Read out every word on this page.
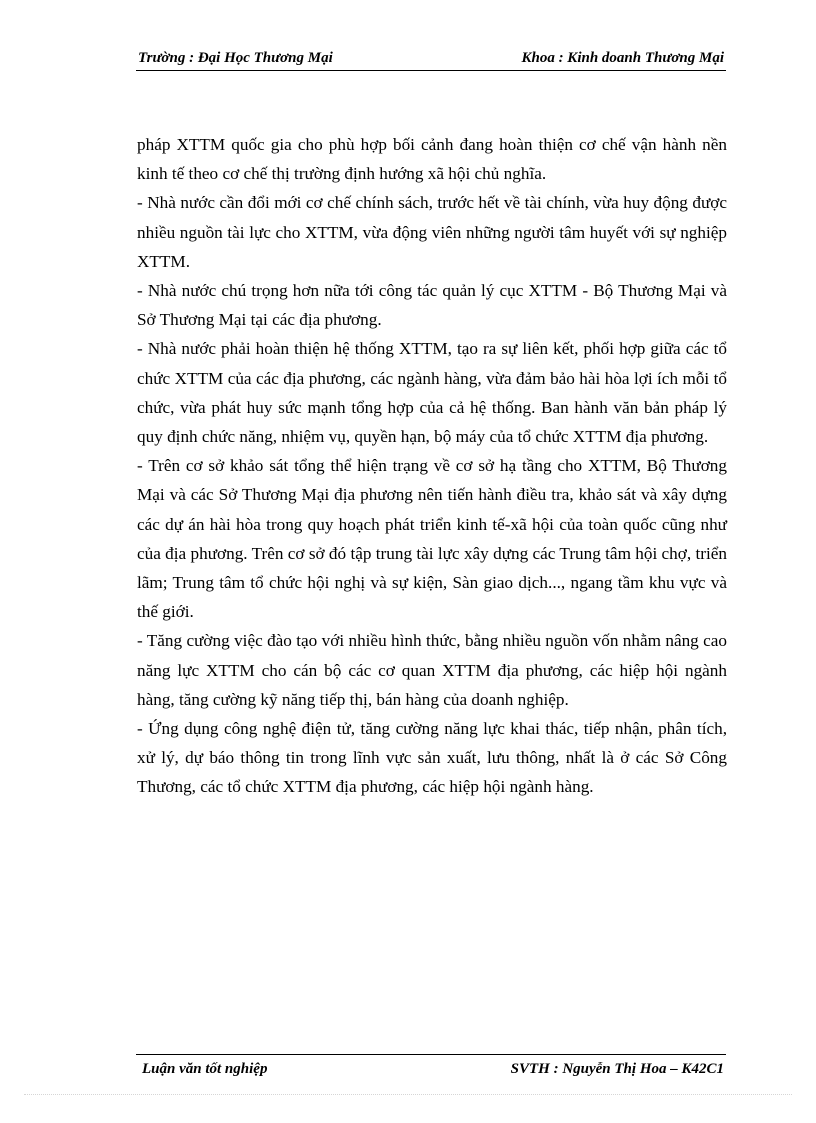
Trường : Đại Học Thương Mại	Khoa : Kinh doanh Thương Mại

pháp XTTM quốc gia cho phù hợp bối cảnh đang hoàn thiện cơ chế vận hành nền kinh tế theo cơ chế thị trường định hướng xã hội chủ nghĩa.

- Nhà nước cần đổi mới cơ chế chính sách, trước hết về tài chính, vừa huy động được nhiều nguồn tài lực cho XTTM, vừa động viên những người tâm huyết với sự nghiệp XTTM.

- Nhà nước chú trọng hơn nữa tới công tác quản lý cục XTTM - Bộ Thương Mại và Sở Thương Mại tại các địa phương.

- Nhà nước phải hoàn thiện hệ thống XTTM, tạo ra sự liên kết, phối hợp giữa các tổ chức XTTM của các địa phương, các ngành hàng, vừa đảm bảo hài hòa lợi ích mỗi tổ chức, vừa phát huy sức mạnh tổng hợp của cả hệ thống. Ban hành văn bản pháp lý quy định chức năng, nhiệm vụ, quyền hạn, bộ máy của tổ chức XTTM địa phương.

- Trên cơ sở khảo sát tổng thể hiện trạng về cơ sở hạ tầng cho XTTM, Bộ Thương Mại và các Sở Thương Mại địa phương nên tiến hành điều tra, khảo sát và xây dựng các dự án hài hòa trong quy hoạch phát triển kinh tế-xã hội của toàn quốc cũng như của địa phương. Trên cơ sở đó tập trung tài lực xây dựng các Trung tâm hội chợ, triển lãm; Trung tâm tổ chức hội nghị và sự kiện, Sàn giao dịch..., ngang tầm khu vực và thế giới.

- Tăng cường việc đào tạo với nhiều hình thức, bằng nhiều nguồn vốn nhằm nâng cao năng lực XTTM cho cán bộ các cơ quan XTTM địa phương, các hiệp hội ngành hàng, tăng cường kỹ năng tiếp thị, bán hàng của doanh nghiệp.

- Ứng dụng công nghệ điện tử, tăng cường năng lực khai thác, tiếp nhận, phân tích, xử lý, dự báo thông tin trong lĩnh vực sản xuất, lưu thông, nhất là ở các Sở Công Thương, các tổ chức XTTM địa phương, các hiệp hội ngành hàng.

Luận văn tốt nghiệp	SVTH : Nguyễn Thị Hoa – K42C1
